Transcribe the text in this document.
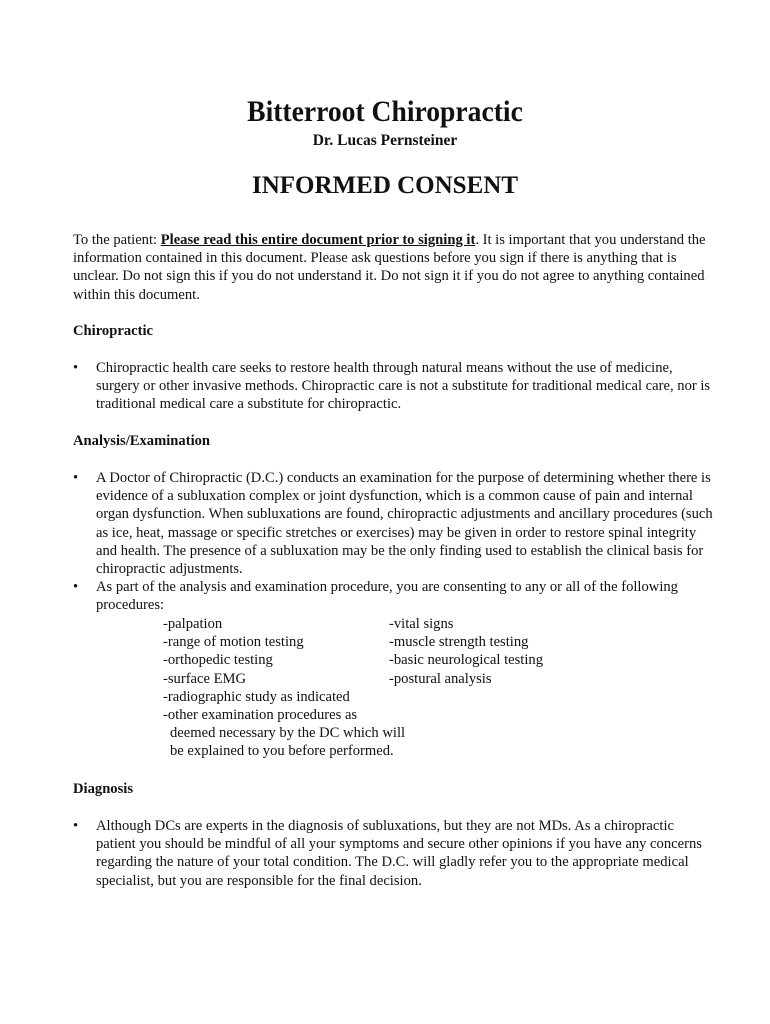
Bitterroot Chiropractic
Dr. Lucas Pernsteiner
INFORMED CONSENT

To the patient: Please read this entire document prior to signing it. It is important that you understand the information contained in this document. Please ask questions before you sign if there is anything that is unclear. Do not sign this if you do not understand it. Do not sign it if you do not agree to anything contained within this document.

Chiropractic
• Chiropractic health care seeks to restore health through natural means without the use of medicine, surgery or other invasive methods. Chiropractic care is not a substitute for traditional medical care, nor is traditional medical care a substitute for chiropractic.
Analysis/Examination
• A Doctor of Chiropractic (D.C.) conducts an examination for the purpose of determining whether there is evidence of a subluxation complex or joint dysfunction, which is a common cause of pain and internal organ dysfunction. When subluxations are found, chiropractic adjustments and ancillary procedures (such as ice, heat, massage or specific stretches or exercises) may be given in order to restore spinal integrity and health. The presence of a subluxation may be the only finding used to establish the clinical basis for chiropractic adjustments.
• As part of the analysis and examination procedure, you are consenting to any or all of the following procedures:
-palpation	-vital signs
-range of motion testing	-muscle strength testing
-orthopedic testing	-basic neurological testing
-surface EMG	-postural analysis
-radiographic study as indicated
-other examination procedures as
deemed necessary by the DC which will
be explained to you before performed.
Diagnosis
• Although DCs are experts in the diagnosis of subluxations, but they are not MDs. As a chiropractic patient you should be mindful of all your symptoms and secure other opinions if you have any concerns regarding the nature of your total condition. The D.C. will gladly refer you to the appropriate medical specialist, but you are responsible for the final decision.
